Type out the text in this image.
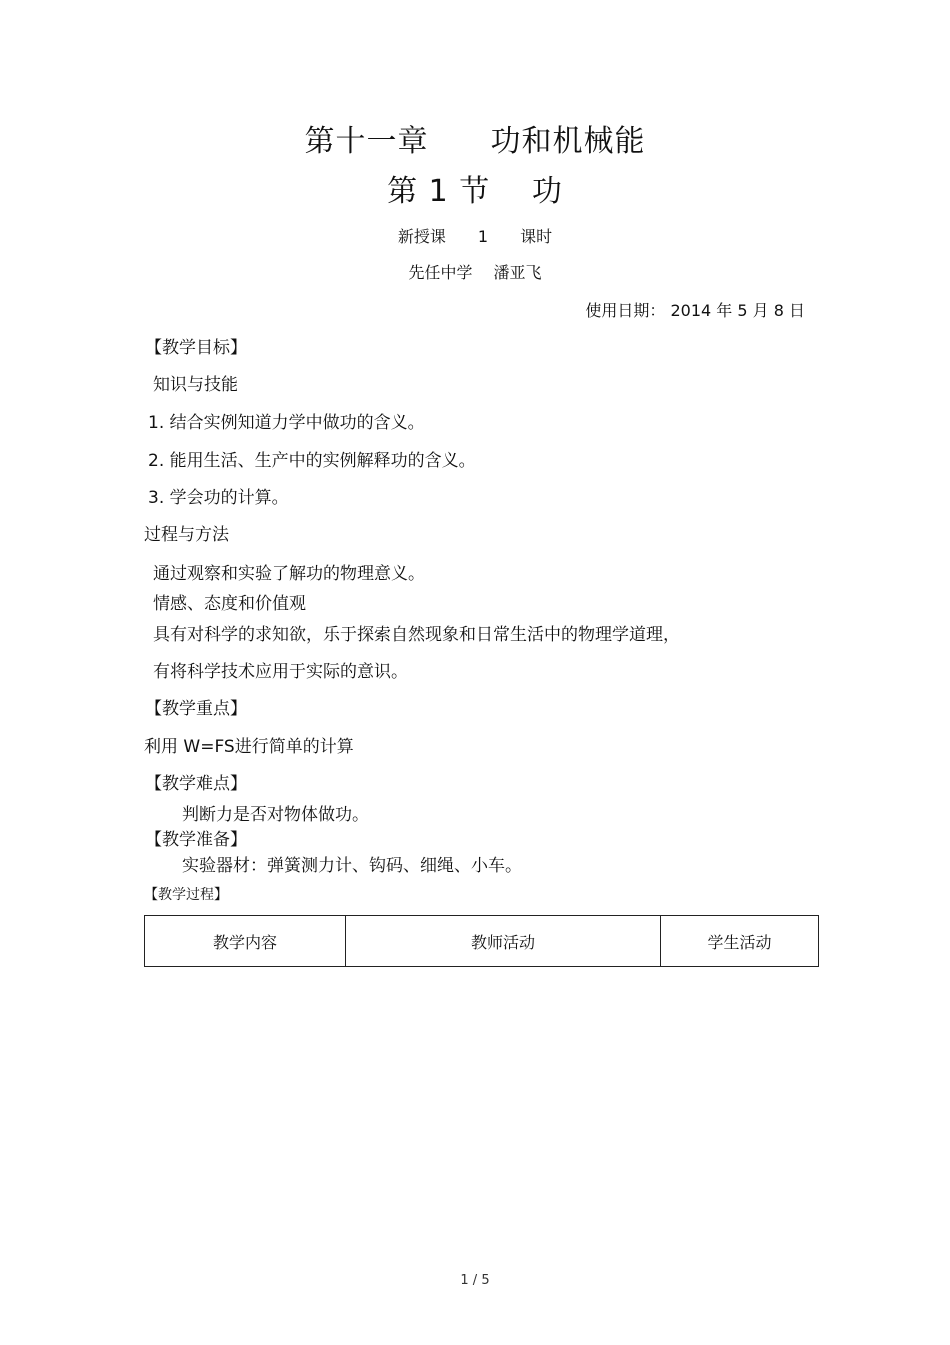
第十一章　　功和机械能
第 1 节　 功
新授课　　1　　课时
先任中学　 潘亚飞
使用日期： 2014 年 5 月 8 日
【教学目标】
知识与技能
1. 结合实例知道力学中做功的含义。
2. 能用生活、生产中的实例解释功的含义。
3. 学会功的计算。
过程与方法
通过观察和实验了解功的物理意义。
情感、态度和价值观
具有对科学的求知欲，乐于探索自然现象和日常生活中的物理学道理，
有将科学技术应用于实际的意识。
【教学重点】
利用 W=FS进行简单的计算
【教学难点】
判断力是否对物体做功。
【教学准备】
实验器材：弹簧测力计、钩码、细绳、小车。
【教学过程】
教学内容	教师活动	学生活动
1 / 5
